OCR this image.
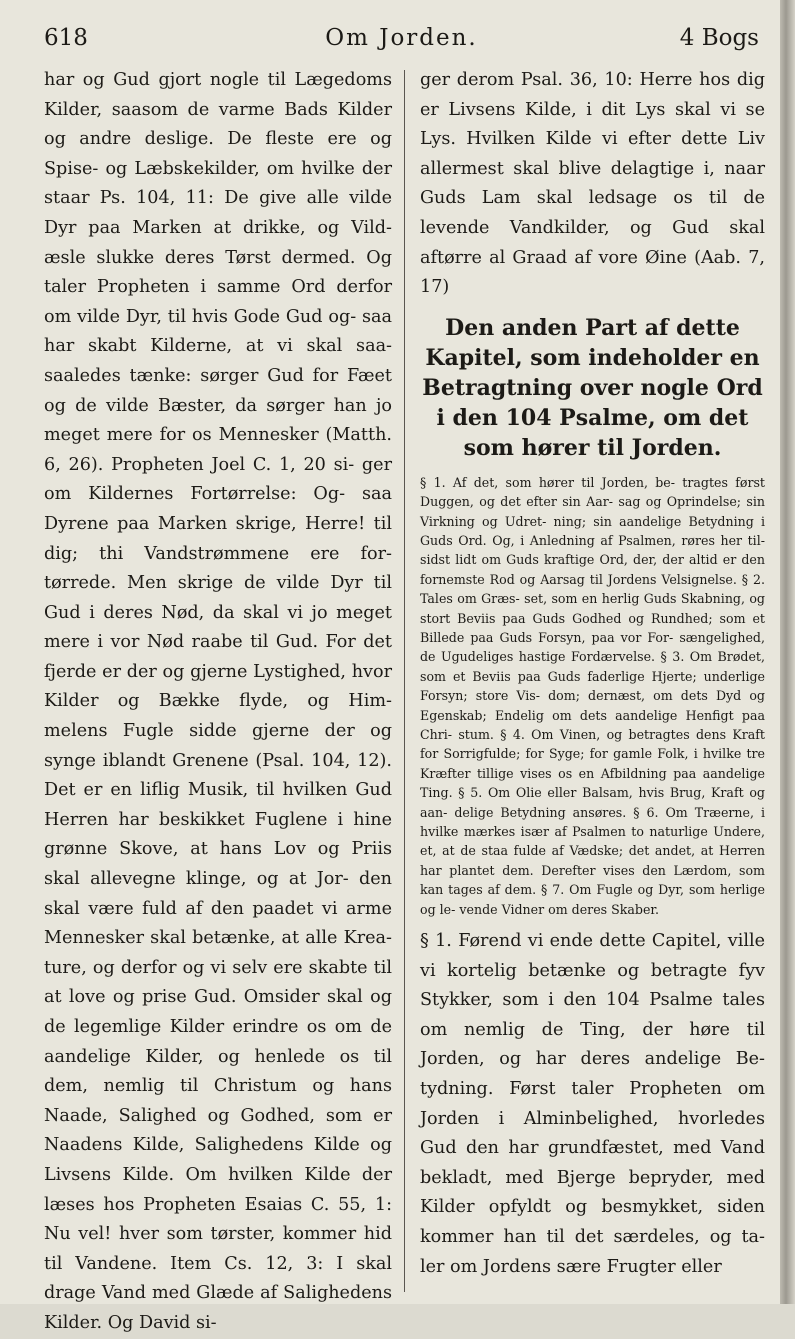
618	Om Jorden.	4 Bogs

har og Gud gjort nogle til Lægedoms Kilder, saasom de varme Bads Kilder og andre deslige. De fleste ere og Spise- og Læbskekilder, om hvilke der staar Ps. 104, 11: De give alle vilde Dyr paa Marken at drikke, og Vild- æsle slukke deres Tørst dermed. Og taler Propheten i samme Ord derfor om vilde Dyr, til hvis Gode Gud og- saa har skabt Kilderne, at vi skal saa- saaledes tænke: sørger Gud for Fæet og de vilde Bæster, da sørger han jo meget mere for os Mennesker (Matth. 6, 26). Propheten Joel C. 1, 20 si- ger om Kildernes Fortørrelse: Og- saa Dyrene paa Marken skrige, Herre! til dig; thi Vandstrømmene ere for- tørrede. Men skrige de vilde Dyr til Gud i deres Nød, da skal vi jo meget mere i vor Nød raabe til Gud. For det fjerde er der og gjerne Lystighed, hvor Kilder og Bække flyde, og Him- melens Fugle sidde gjerne der og synge iblandt Grenene (Psal. 104, 12). Det er en liflig Musik, til hvilken Gud Herren har beskikket Fuglene i hine grønne Skove, at hans Lov og Priis skal allevegne klinge, og at Jor- den skal være fuld af den paadet vi arme Mennesker skal betænke, at alle Krea- ture, og derfor og vi selv ere skabte til at love og prise Gud. Omsider skal og de legemlige Kilder erindre os om de aandelige Kilder, og henlede os til dem, nemlig til Christum og hans Naade, Salighed og Godhed, som er Naadens Kilde, Salighedens Kilde og Livsens Kilde. Om hvilken Kilde der læses hos Propheten Esaias C. 55, 1: Nu vel! hver som tørster, kommer hid til Vandene. Item Cs. 12, 3: I skal drage Vand med Glæde af Salighedens Kilder. Og David si-

ger derom Psal. 36, 10: Herre hos dig er Livsens Kilde, i dit Lys skal vi se Lys. Hvilken Kilde vi efter dette Liv allermest skal blive delagtige i, naar Guds Lam skal ledsage os til de levende Vandkilder, og Gud skal aftørre al Graad af vore Øine (Aab. 7, 17)

Den anden Part af dette Kapitel, som indeholder en Betragtning over nogle Ord i den 104 Psalme, om det som hører til Jorden.

§ 1. Af det, som hører til Jorden, be- tragtes først Duggen, og det efter sin Aar- sag og Oprindelse; sin Virkning og Udret- ning; sin aandelige Betydning i Guds Ord. Og, i Anledning af Psalmen, røres her til- sidst lidt om Guds kraftige Ord, der, der altid er den fornemste Rod og Aarsag til Jordens Velsignelse. § 2. Tales om Græs- set, som en herlig Guds Skabning, og stort Beviis paa Guds Godhed og Rundhed; som et Billede paa Guds Forsyn, paa vor For- sængelighed, de Ugudeliges hastige Fordærvelse. § 3. Om Brødet, som et Beviis paa Guds faderlige Hjerte; underlige Forsyn; store Vis- dom; dernæst, om dets Dyd og Egenskab; Endelig om dets aandelige Henfigt paa Chri- stum. § 4. Om Vinen, og betragtes dens Kraft for Sorrigfulde; for Syge; for gamle Folk, i hvilke tre Kræfter tillige vises os en Afbildning paa aandelige Ting. § 5. Om Olie eller Balsam, hvis Brug, Kraft og aan- delige Betydning ansøres. § 6. Om Træerne, i hvilke mærkes især af Psalmen to naturlige Undere, et, at de staa fulde af Vædske; det andet, at Herren har plantet dem. Derefter vises den Lærdom, som kan tages af dem. § 7. Om Fugle og Dyr, som herlige og le- vende Vidner om deres Skaber.

§ 1. Førend vi ende dette Capitel, ville vi kortelig betænke og betragte fyv Stykker, som i den 104 Psalme tales om nemlig de Ting, der høre til Jorden, og har deres andelige Be- tydning. Først taler Propheten om Jorden i Alminbelighed, hvorledes Gud den har grundfæstet, med Vand bekladt, med Bjerge bepryder, med Kilder opfyldt og besmykket, siden kommer han til det særdeles, og ta- ler om Jordens sære Frugter eller
